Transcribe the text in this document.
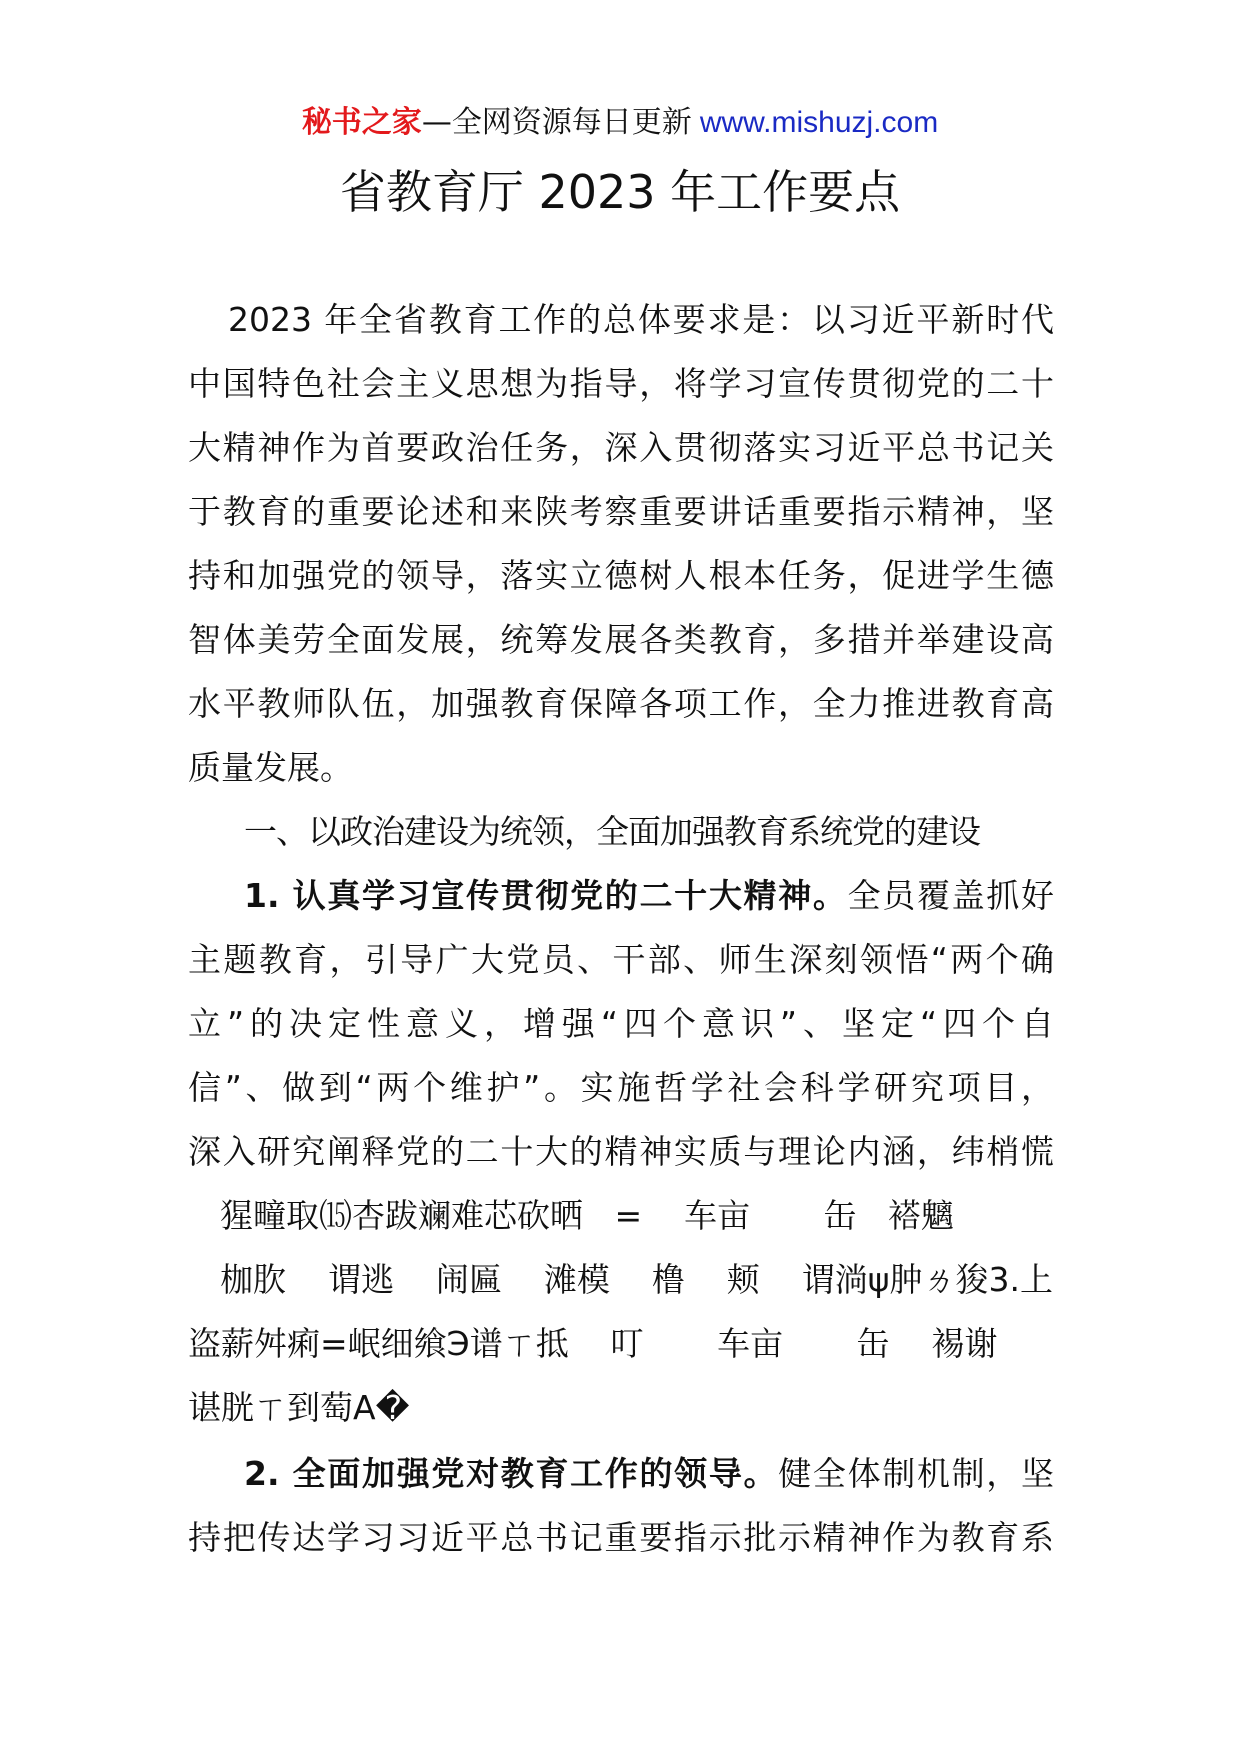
秘书之家—全网资源每日更新 www.mishuzj.com
省教育厅 2023 年工作要点
2023 年全省教育工作的总体要求是：以习近平新时代
中国特色社会主义思想为指导，将学习宣传贯彻党的二十
大精神作为首要政治任务，深入贯彻落实习近平总书记关
于教育的重要论述和来陕考察重要讲话重要指示精神，坚
持和加强党的领导，落实立德树人根本任务，促进学生德
智体美劳全面发展，统筹发展各类教育，多措并举建设高
水平教师队伍，加强教育保障各项工作，全力推进教育高
质量发展。
一、以政治建设为统领，全面加强教育系统党的建设
1. 认真学习宣传贯彻党的二十大精神。全员覆盖抓好
主题教育，引导广大党员、干部、师生深刻领悟“两个确
立”的决定性意义，增强“四个意识”、坚定“四个自
信”、做到“两个维护”。实施哲学社会科学研究项目，
深入研究阐释党的二十大的精神实质与理论内涵，纬梢慌
猩疃取⒂杏跋斓难芯砍晒   =    车亩       缶   褡魑
枷肷    谓逃    闹匾    滩模    橹    颊    谓淌ψ肿ㄌ狻3.上
盗薪舛痢=岷细飨Э谱ㄒ抵    叮       车亩       缶    裼谢
谌胱ㄒ到萄A�
2. 全面加强党对教育工作的领导。健全体制机制，坚
持把传达学习习近平总书记重要指示批示精神作为教育系
